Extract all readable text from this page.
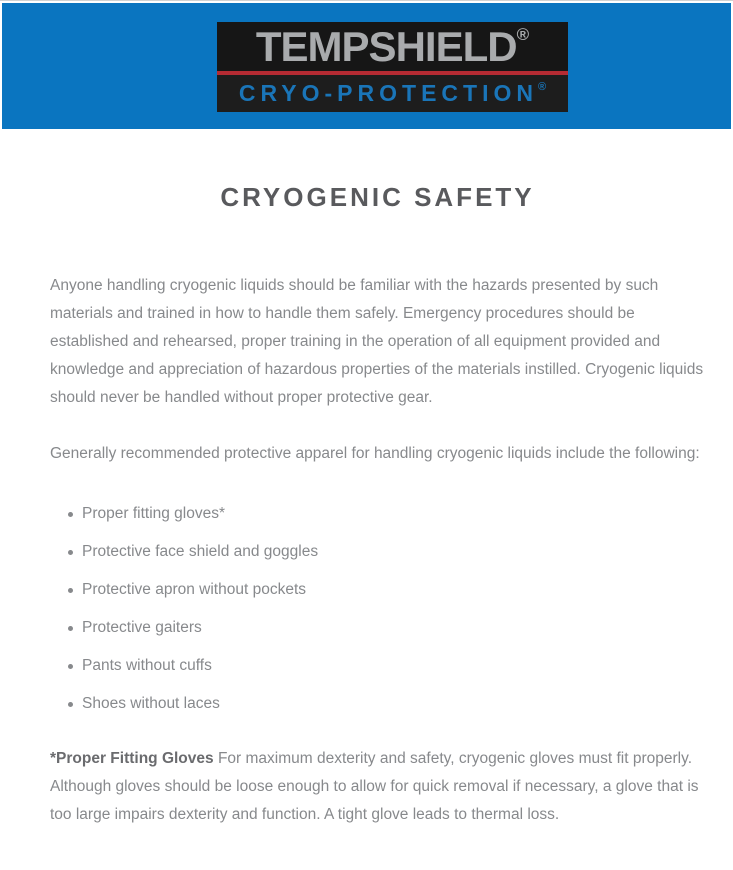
TEMPSHIELD ®
CRYO-PROTECTION ®
CRYOGENIC SAFETY

Anyone handling cryogenic liquids should be familiar with the hazards presented by such materials and trained in how to handle them safely. Emergency procedures should be established and rehearsed, proper training in the operation of all equipment provided and knowledge and appreciation of hazardous properties of the materials instilled. Cryogenic liquids should never be handled without proper protective gear.

Generally recommended protective apparel for handling cryogenic liquids include the following:

Proper fitting gloves*
Protective face shield and goggles
Protective apron without pockets
Protective gaiters
Pants without cuffs
Shoes without laces

*Proper Fitting Gloves For maximum dexterity and safety, cryogenic gloves must fit properly. Although gloves should be loose enough to allow for quick removal if necessary, a glove that is too large impairs dexterity and function. A tight glove leads to thermal loss.
